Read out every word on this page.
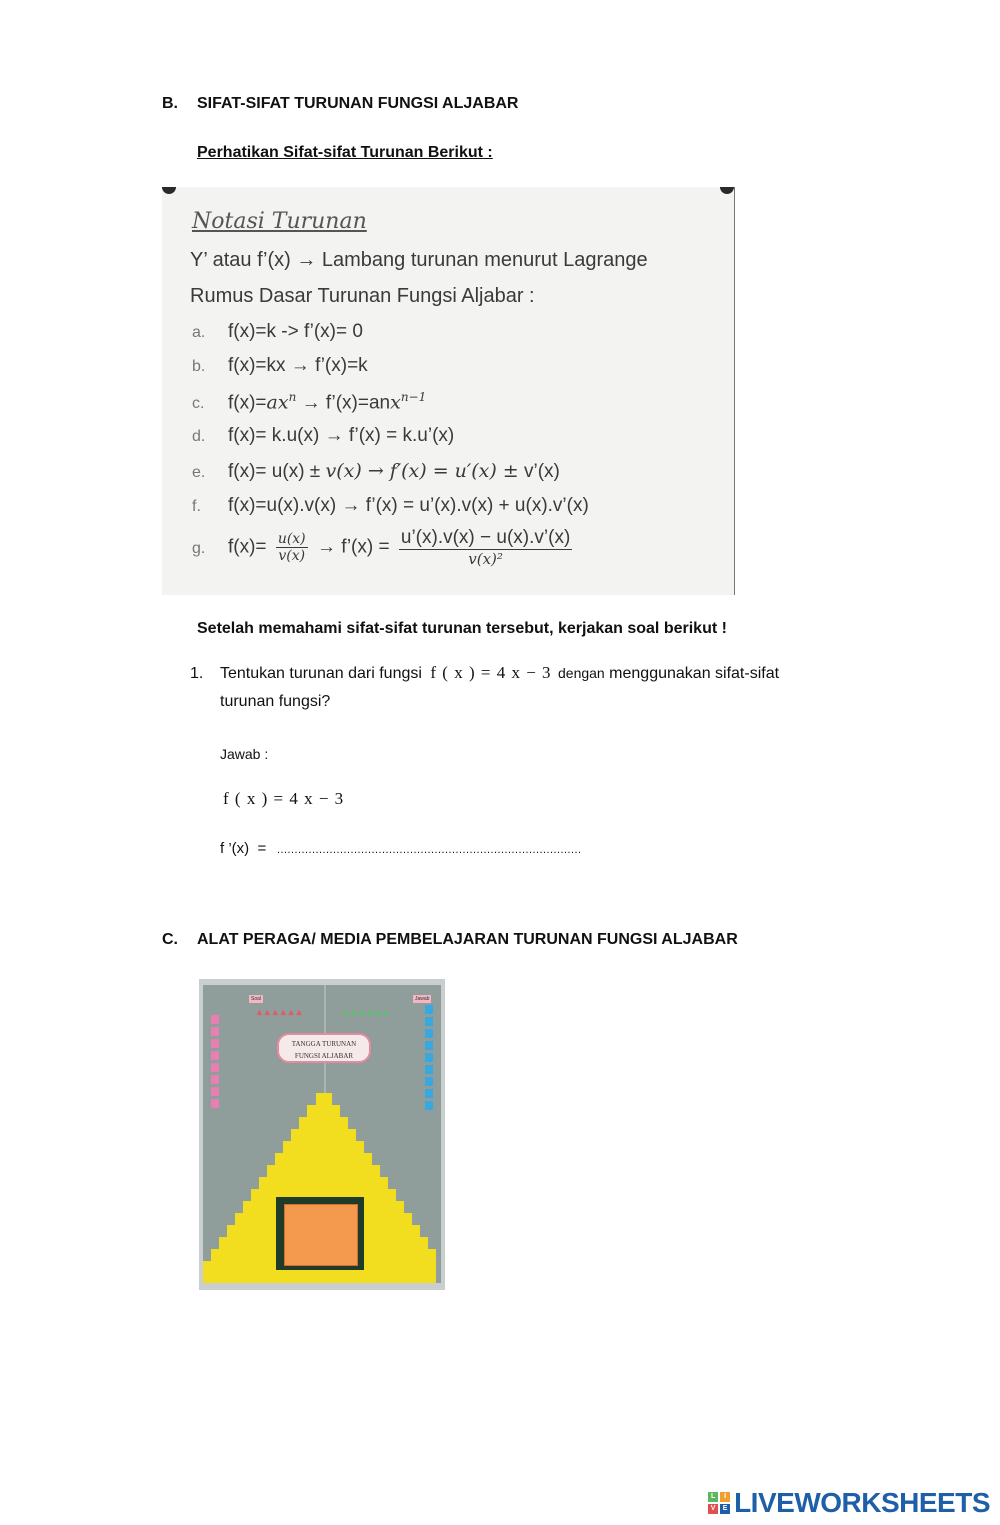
B. SIFAT-SIFAT TURUNAN FUNGSI ALJABAR
Perhatikan Sifat-sifat Turunan Berikut :
Notasi Turunan
Y’ atau f’(x) → Lambang turunan menurut Lagrange
Rumus Dasar Turunan Fungsi Aljabar :
a. f(x)=k -> f’(x)= 0
b. f(x)=kx → f’(x)=k
c. $f(x)=ax^n$ → f’(x)=anx$^{n-1}$
d. f(x)= k.u(x) → f’(x) = k.u’(x)
e. f(x)= u(x) ± v(x) → f′(x) = u′(x) ± v’(x)
f. f(x)=u(x).v(x) → f’(x) = u’(x).v(x) + u(x).v’(x)
g. $f(x)= \frac{u(x)}{v(x)}$ → f’(x) = $\frac{u’(x).v(x) - u(x).v’(x)}{\text{v(x)²}}$
Setelah memahami sifat-sifat turunan tersebut, kerjakan soal berikut !
1. Tentukan turunan dari fungsi f ( x ) = 4 x − 3 dengan menggunakan sifat-sifat
turunan fungsi?
Jawab :
f ( x ) = 4 x − 3
f ’(x)  = ……………………………………………………………………………
C. ALAT PERAGA/ MEDIA PEMBELAJARAN TURUNAN FUNGSI ALJABAR
Soal	Jawab
▲▲▲▲▲▲	▲▲▲▲▲▲
TANGGA TURUNAN FUNGSI ALJABAR
L	I
V	E LIVEWORKSHEETS
